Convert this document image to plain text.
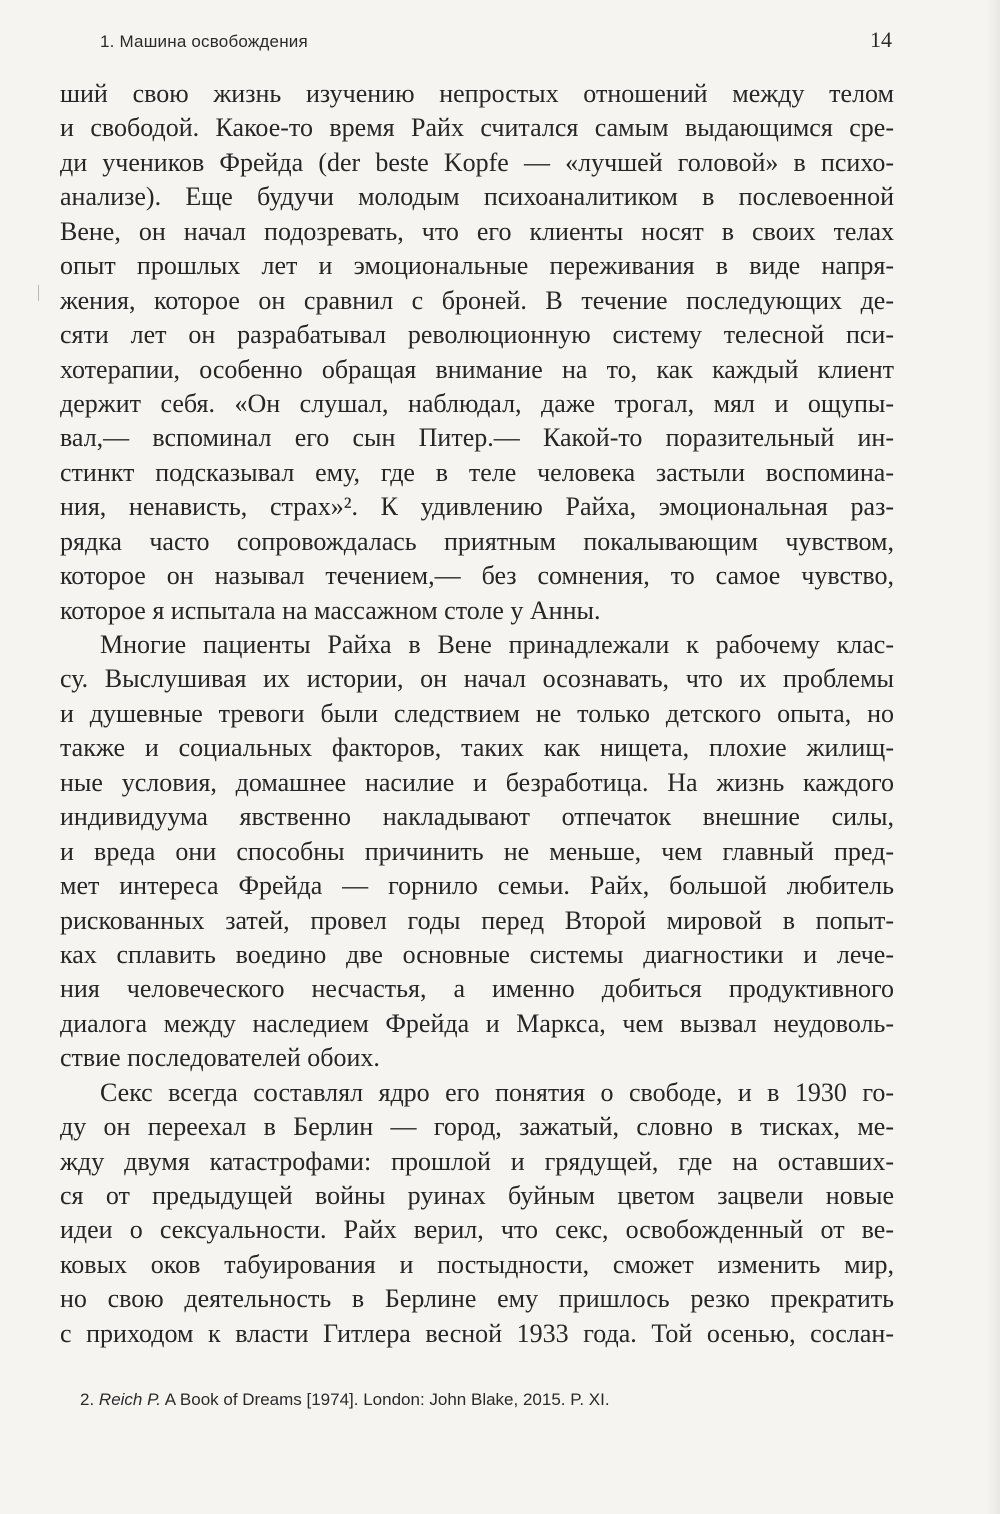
1. Машина освобождения	14
ший свою жизнь изучению непростых отношений между телом
и свободой. Какое-то время Райх считался самым выдающимся сре-
ди учеников Фрейда (der beste Kopfe — «лучшей головой» в психо-
анализе). Еще будучи молодым психоаналитиком в послевоенной
Вене, он начал подозревать, что его клиенты носят в своих телах
опыт прошлых лет и эмоциональные переживания в виде напря-
жения, которое он сравнил с броней. В течение последующих де-
сяти лет он разрабатывал революционную систему телесной пси-
хотерапии, особенно обращая внимание на то, как каждый клиент
держит себя. «Он слушал, наблюдал, даже трогал, мял и ощупы-
вал,— вспоминал его сын Питер.— Какой-то поразительный ин-
стинкт подсказывал ему, где в теле человека застыли воспомина-
ния, ненависть, страх»². К удивлению Райха, эмоциональная раз-
рядка часто сопровождалась приятным покалывающим чувством,
которое он называл течением,— без сомнения, то самое чувство,
которое я испытала на массажном столе у Анны.
Многие пациенты Райха в Вене принадлежали к рабочему клас-
су. Выслушивая их истории, он начал осознавать, что их проблемы
и душевные тревоги были следствием не только детского опыта, но
также и социальных факторов, таких как нищета, плохие жилищ-
ные условия, домашнее насилие и безработица. На жизнь каждого
индивидуума явственно накладывают отпечаток внешние силы,
и вреда они способны причинить не меньше, чем главный пред-
мет интереса Фрейда — горнило семьи. Райх, большой любитель
рискованных затей, провел годы перед Второй мировой в попыт-
ках сплавить воедино две основные системы диагностики и лече-
ния человеческого несчастья, а именно добиться продуктивного
диалога между наследием Фрейда и Маркса, чем вызвал неудоволь-
ствие последователей обоих.
Секс всегда составлял ядро его понятия о свободе, и в 1930 го-
ду он переехал в Берлин — город, зажатый, словно в тисках, ме-
жду двумя катастрофами: прошлой и грядущей, где на оставших-
ся от предыдущей войны руинах буйным цветом зацвели новые
идеи о сексуальности. Райх верил, что секс, освобожденный от ве-
ковых оков табуирования и постыдности, сможет изменить мир,
но свою деятельность в Берлине ему пришлось резко прекратить
с приходом к власти Гитлера весной 1933 года. Той осенью, сослан-
2. Reich P. A Book of Dreams [1974]. London: John Blake, 2015. P. XI.
